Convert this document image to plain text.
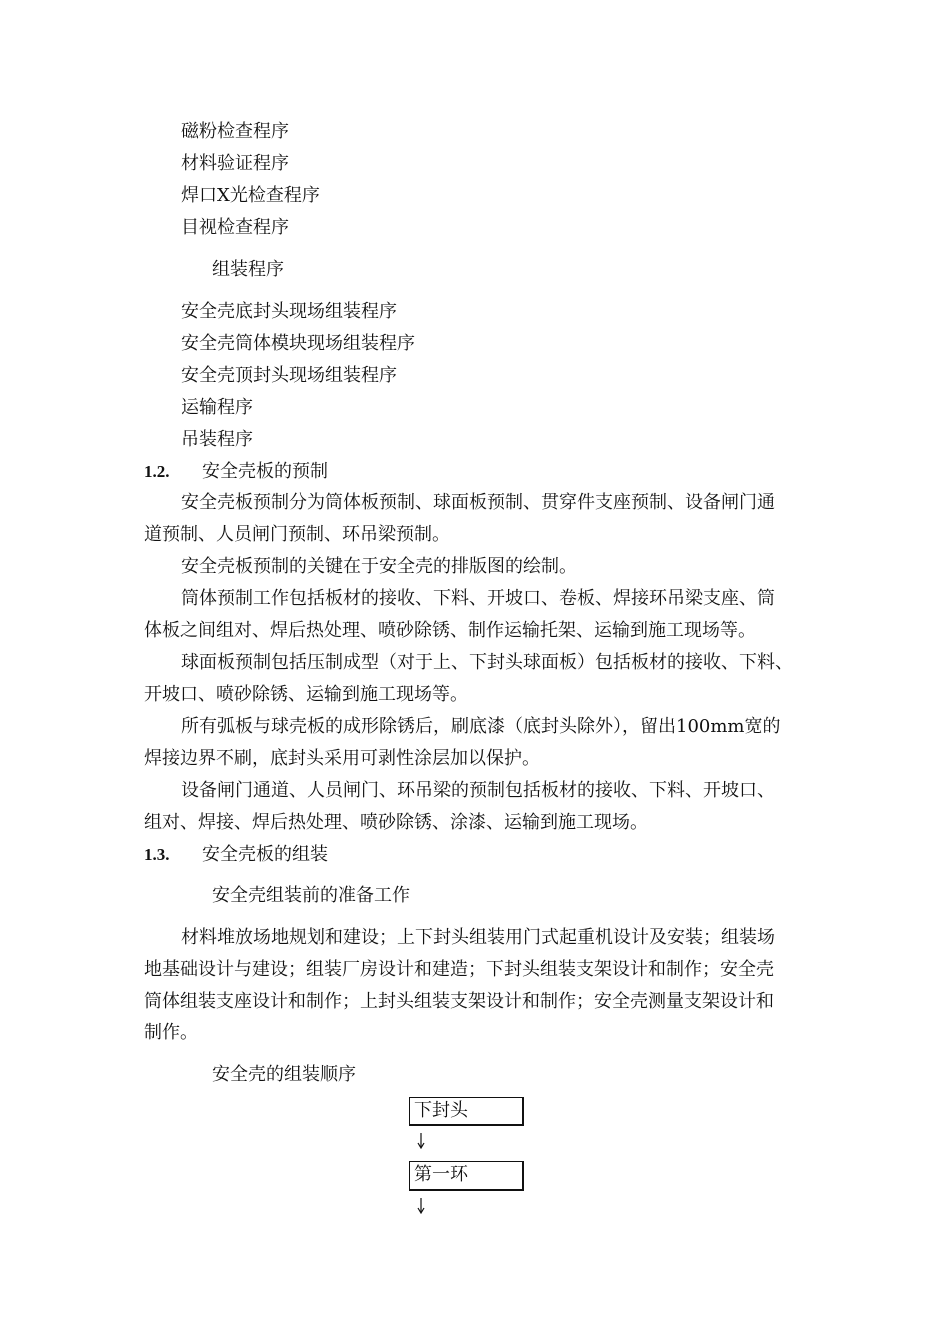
磁粉检查程序
材料验证程序
焊口X光检查程序
目视检查程序
组装程序
安全壳底封头现场组装程序
安全壳筒体模块现场组装程序
安全壳顶封头现场组装程序
运输程序
吊装程序
1.2. 安全壳板的预制
安全壳板预制分为筒体板预制、球面板预制、贯穿件支座预制、设备闸门通
道预制、人员闸门预制、环吊梁预制。
安全壳板预制的关键在于安全壳的排版图的绘制。
筒体预制工作包括板材的接收、下料、开坡口、卷板、焊接环吊梁支座、筒
体板之间组对、焊后热处理、喷砂除锈、制作运输托架、运输到施工现场等。
球面板预制包括压制成型（对于上、下封头球面板）包括板材的接收、下料、
开坡口、喷砂除锈、运输到施工现场等。
所有弧板与球壳板的成形除锈后，刷底漆（底封头除外），留出100mm宽的
焊接边界不刷，底封头采用可剥性涂层加以保护。
设备闸门通道、人员闸门、环吊梁的预制包括板材的接收、下料、开坡口、
组对、焊接、焊后热处理、喷砂除锈、涂漆、运输到施工现场。
1.3. 安全壳板的组装
安全壳组装前的准备工作
材料堆放场地规划和建设；上下封头组装用门式起重机设计及安装；组装场
地基础设计与建设；组装厂房设计和建造；下封头组装支架设计和制作；安全壳
筒体组装支座设计和制作；上封头组装支架设计和制作；安全壳测量支架设计和
制作。
安全壳的组装顺序
下封头
第一环
